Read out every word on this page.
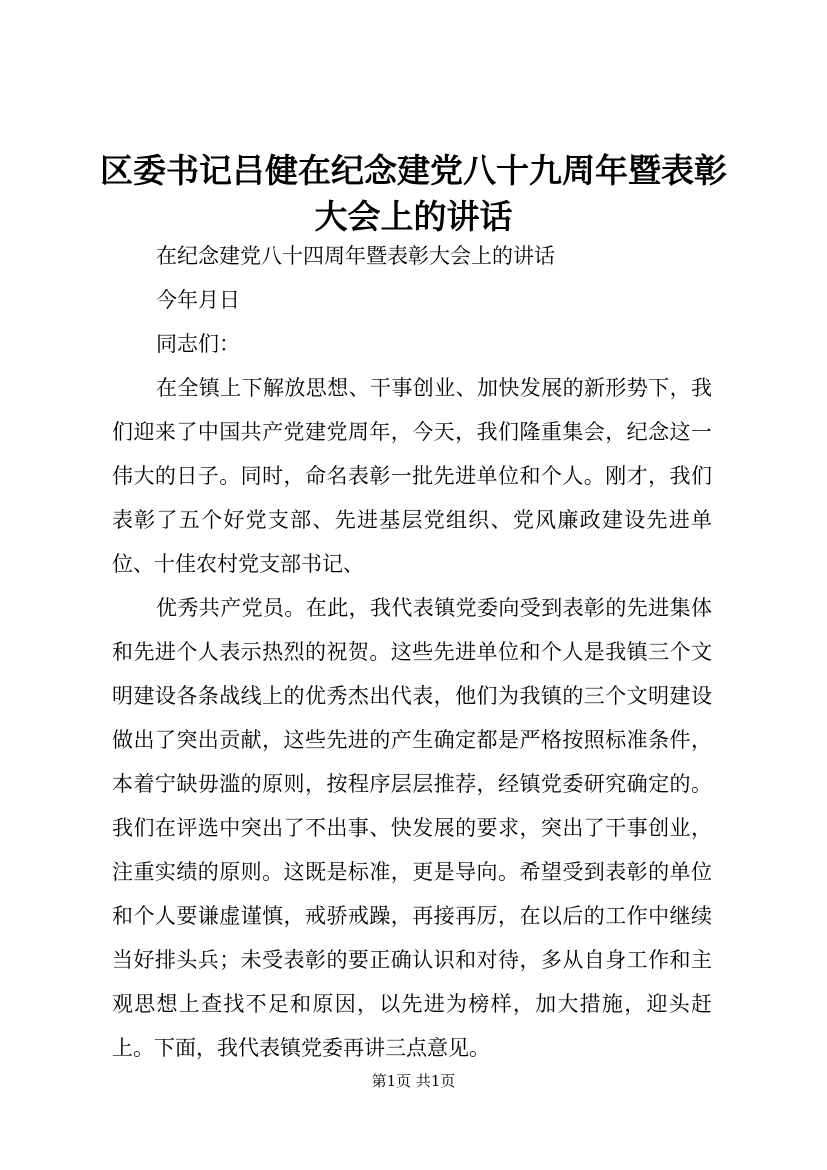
区委书记吕健在纪念建党八十九周年暨表彰大会上的讲话

在纪念建党八十四周年暨表彰大会上的讲话

今年月日

同志们：

在全镇上下解放思想、干事创业、加快发展的新形势下，我们迎来了中国共产党建党周年，今天，我们隆重集会，纪念这一伟大的日子。同时，命名表彰一批先进单位和个人。刚才，我们表彰了五个好党支部、先进基层党组织、党风廉政建设先进单位、十佳农村党支部书记、

优秀共产党员。在此，我代表镇党委向受到表彰的先进集体和先进个人表示热烈的祝贺。这些先进单位和个人是我镇三个文明建设各条战线上的优秀杰出代表，他们为我镇的三个文明建设做出了突出贡献，这些先进的产生确定都是严格按照标准条件，本着宁缺毋滥的原则，按程序层层推荐，经镇党委研究确定的。我们在评选中突出了不出事、快发展的要求，突出了干事创业，注重实绩的原则。这既是标准，更是导向。希望受到表彰的单位和个人要谦虚谨慎，戒骄戒躁，再接再厉，在以后的工作中继续当好排头兵；未受表彰的要正确认识和对待，多从自身工作和主观思想上查找不足和原因，以先进为榜样，加大措施，迎头赶上。下面，我代表镇党委再讲三点意见。

第1页 共1页
